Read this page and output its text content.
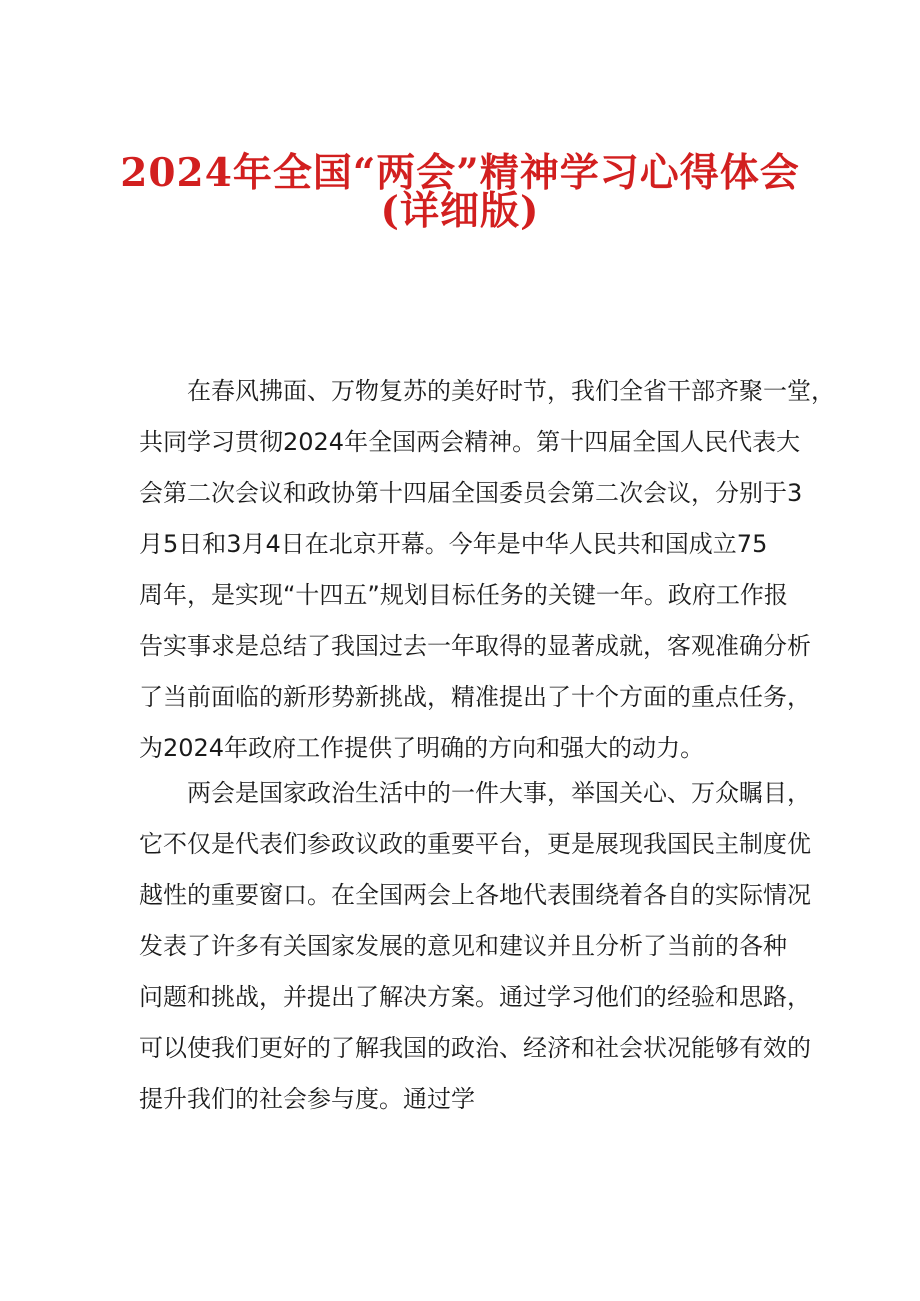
2024年全国“两会”精神学习心得体会
(详细版)
在春风拂面、万物复苏的美好时节，我们全省干部齐聚一堂，
共同学习贯彻2024年全国两会精神。第十四届全国人民代表大
会第二次会议和政协第十四届全国委员会第二次会议，分别于3
月5日和3月4日在北京开幕。今年是中华人民共和国成立75
周年，是实现“十四五”规划目标任务的关键一年。政府工作报
告实事求是总结了我国过去一年取得的显著成就，客观准确分析
了当前面临的新形势新挑战，精准提出了十个方面的重点任务，
为2024年政府工作提供了明确的方向和强大的动力。
两会是国家政治生活中的一件大事，举国关心、万众瞩目，
它不仅是代表们参政议政的重要平台，更是展现我国民主制度优
越性的重要窗口。在全国两会上各地代表围绕着各自的实际情况
发表了许多有关国家发展的意见和建议并且分析了当前的各种
问题和挑战，并提出了解决方案。通过学习他们的经验和思路，
可以使我们更好的了解我国的政治、经济和社会状况能够有效的
提升我们的社会参与度。通过学
